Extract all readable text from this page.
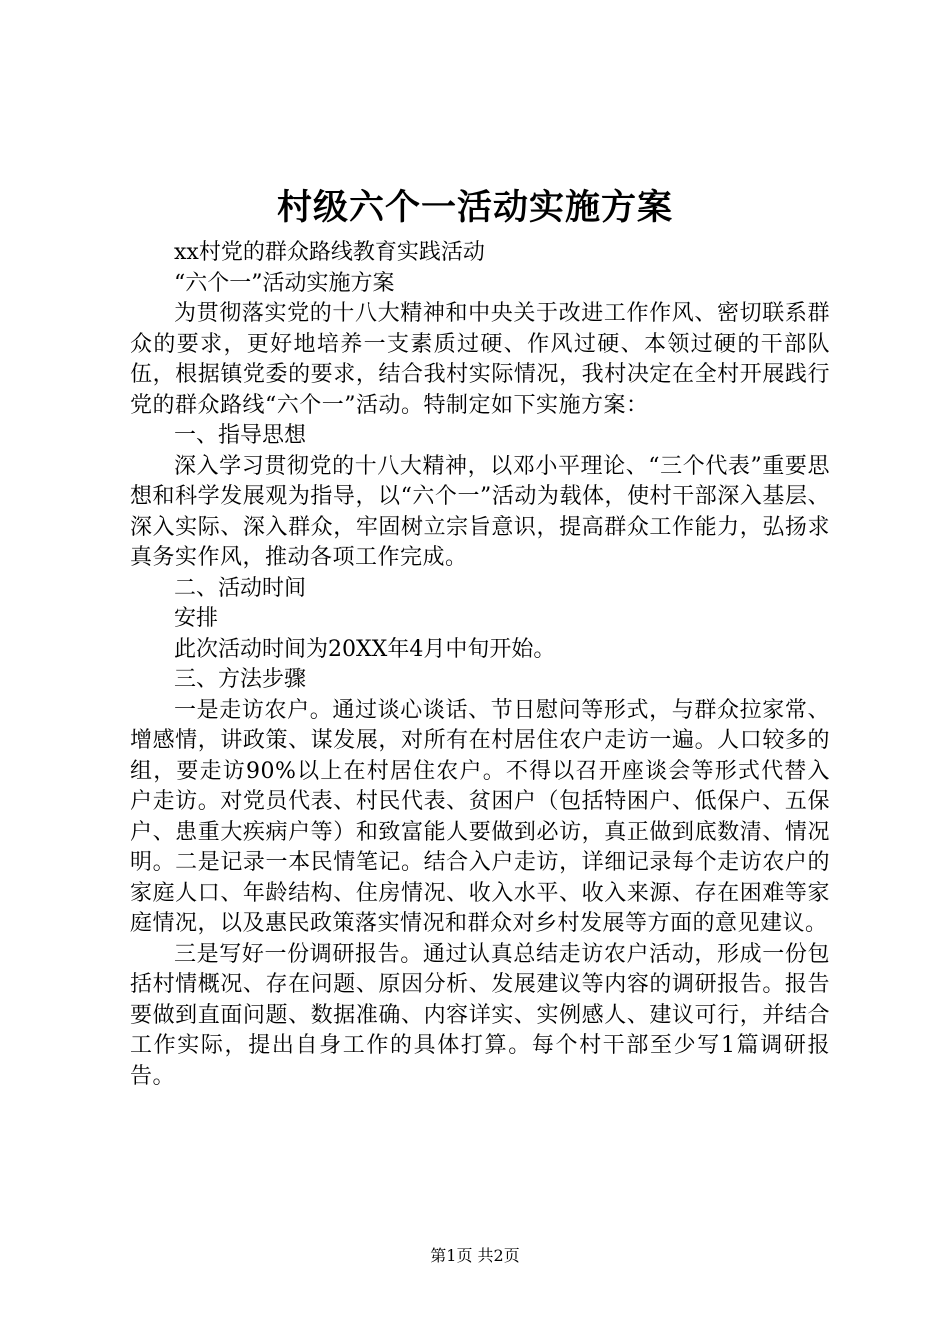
村级六个一活动实施方案

xx村党的群众路线教育实践活动

“六个一”活动实施方案

为贯彻落实党的十八大精神和中央关于改进工作作风、密切联系群众的要求，更好地培养一支素质过硬、作风过硬、本领过硬的干部队伍，根据镇党委的要求，结合我村实际情况，我村决定在全村开展践行党的群众路线“六个一”活动。特制定如下实施方案：

一、指导思想

深入学习贯彻党的十八大精神，以邓小平理论、“三个代表”重要思想和科学发展观为指导，以“六个一”活动为载体，使村干部深入基层、深入实际、深入群众，牢固树立宗旨意识，提高群众工作能力，弘扬求真务实作风，推动各项工作完成。

二、活动时间

安排

此次活动时间为20XX年4月中旬开始。

三、方法步骤

一是走访农户。通过谈心谈话、节日慰问等形式，与群众拉家常、增感情，讲政策、谋发展，对所有在村居住农户走访一遍。人口较多的组，要走访90%以上在村居住农户。不得以召开座谈会等形式代替入户走访。对党员代表、村民代表、贫困户（包括特困户、低保户、五保户、患重大疾病户等）和致富能人要做到必访，真正做到底数清、情况明。二是记录一本民情笔记。结合入户走访，详细记录每个走访农户的家庭人口、年龄结构、住房情况、收入水平、收入来源、存在困难等家庭情况，以及惠民政策落实情况和群众对乡村发展等方面的意见建议。

三是写好一份调研报告。通过认真总结走访农户活动，形成一份包括村情概况、存在问题、原因分析、发展建议等内容的调研报告。报告要做到直面问题、数据准确、内容详实、实例感人、建议可行，并结合工作实际，提出自身工作的具体打算。每个村干部至少写1篇调研报告。

第1页 共2页
